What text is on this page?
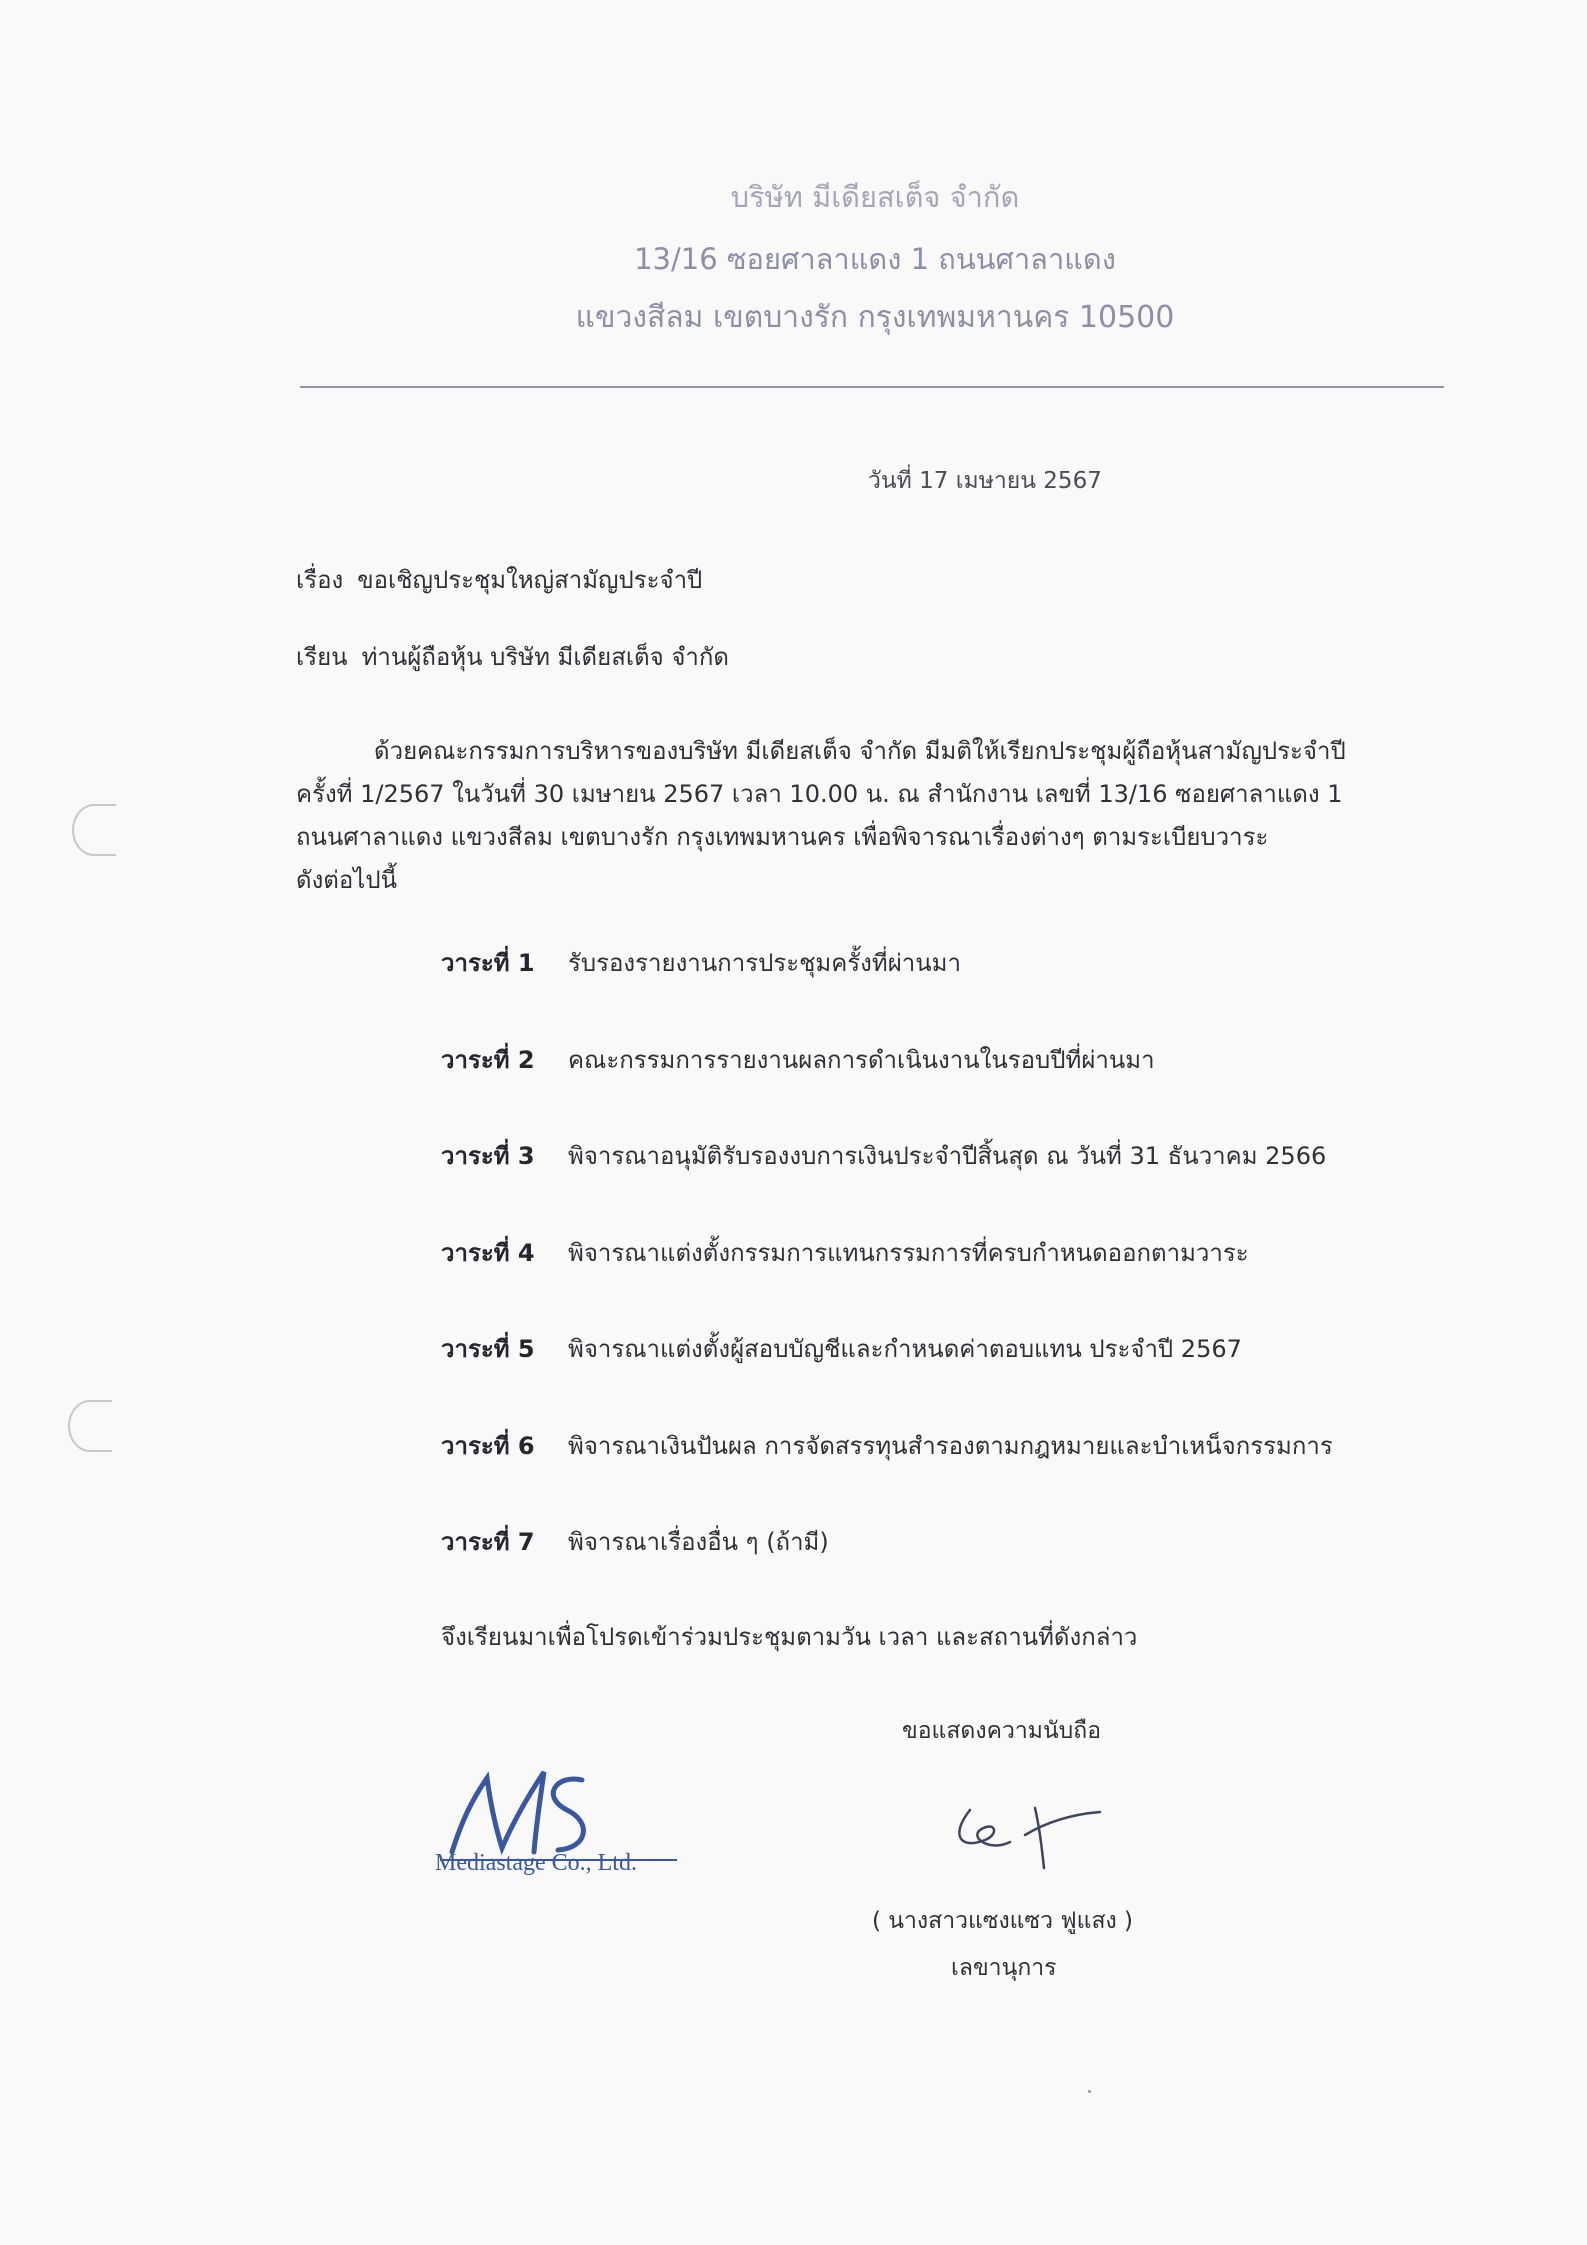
บริษัท มีเดียสเต็จ จำกัด
13/16 ซอยศาลาแดง 1 ถนนศาลาแดง
แขวงสีลม เขตบางรัก กรุงเทพมหานคร 10500
วันที่ 17 เมษายน 2567
เรื่อง ขอเชิญประชุมใหญ่สามัญประจำปี
เรียน ท่านผู้ถือหุ้น บริษัท มีเดียสเต็จ จำกัด
ด้วยคณะกรรมการบริหารของบริษัท มีเดียสเต็จ จำกัด มีมติให้เรียกประชุมผู้ถือหุ้นสามัญประจำปี
ครั้งที่ 1/2567 ในวันที่ 30 เมษายน 2567 เวลา 10.00 น. ณ สำนักงาน เลขที่ 13/16 ซอยศาลาแดง 1
ถนนศาลาแดง แขวงสีลม เขตบางรัก กรุงเทพมหานคร เพื่อพิจารณาเรื่องต่างๆ ตามระเบียบวาระ
ดังต่อไปนี้
วาระที่ 1 รับรองรายงานการประชุมครั้งที่ผ่านมา
วาระที่ 2 คณะกรรมการรายงานผลการดำเนินงานในรอบปีที่ผ่านมา
วาระที่ 3 พิจารณาอนุมัติรับรองงบการเงินประจำปีสิ้นสุด ณ วันที่ 31 ธันวาคม 2566
วาระที่ 4 พิจารณาแต่งตั้งกรรมการแทนกรรมการที่ครบกำหนดออกตามวาระ
วาระที่ 5 พิจารณาแต่งตั้งผู้สอบบัญชีและกำหนดค่าตอบแทน ประจำปี 2567
วาระที่ 6 พิจารณาเงินปันผล การจัดสรรทุนสำรองตามกฎหมายและบำเหน็จกรรมการ
วาระที่ 7 พิจารณาเรื่องอื่น ๆ (ถ้ามี)
จึงเรียนมาเพื่อโปรดเข้าร่วมประชุมตามวัน เวลา และสถานที่ดังกล่าว
ขอแสดงความนับถือ
Mediastage Co., Ltd.
( นางสาวแซงแซว ฟูแสง )
เลขานุการ
